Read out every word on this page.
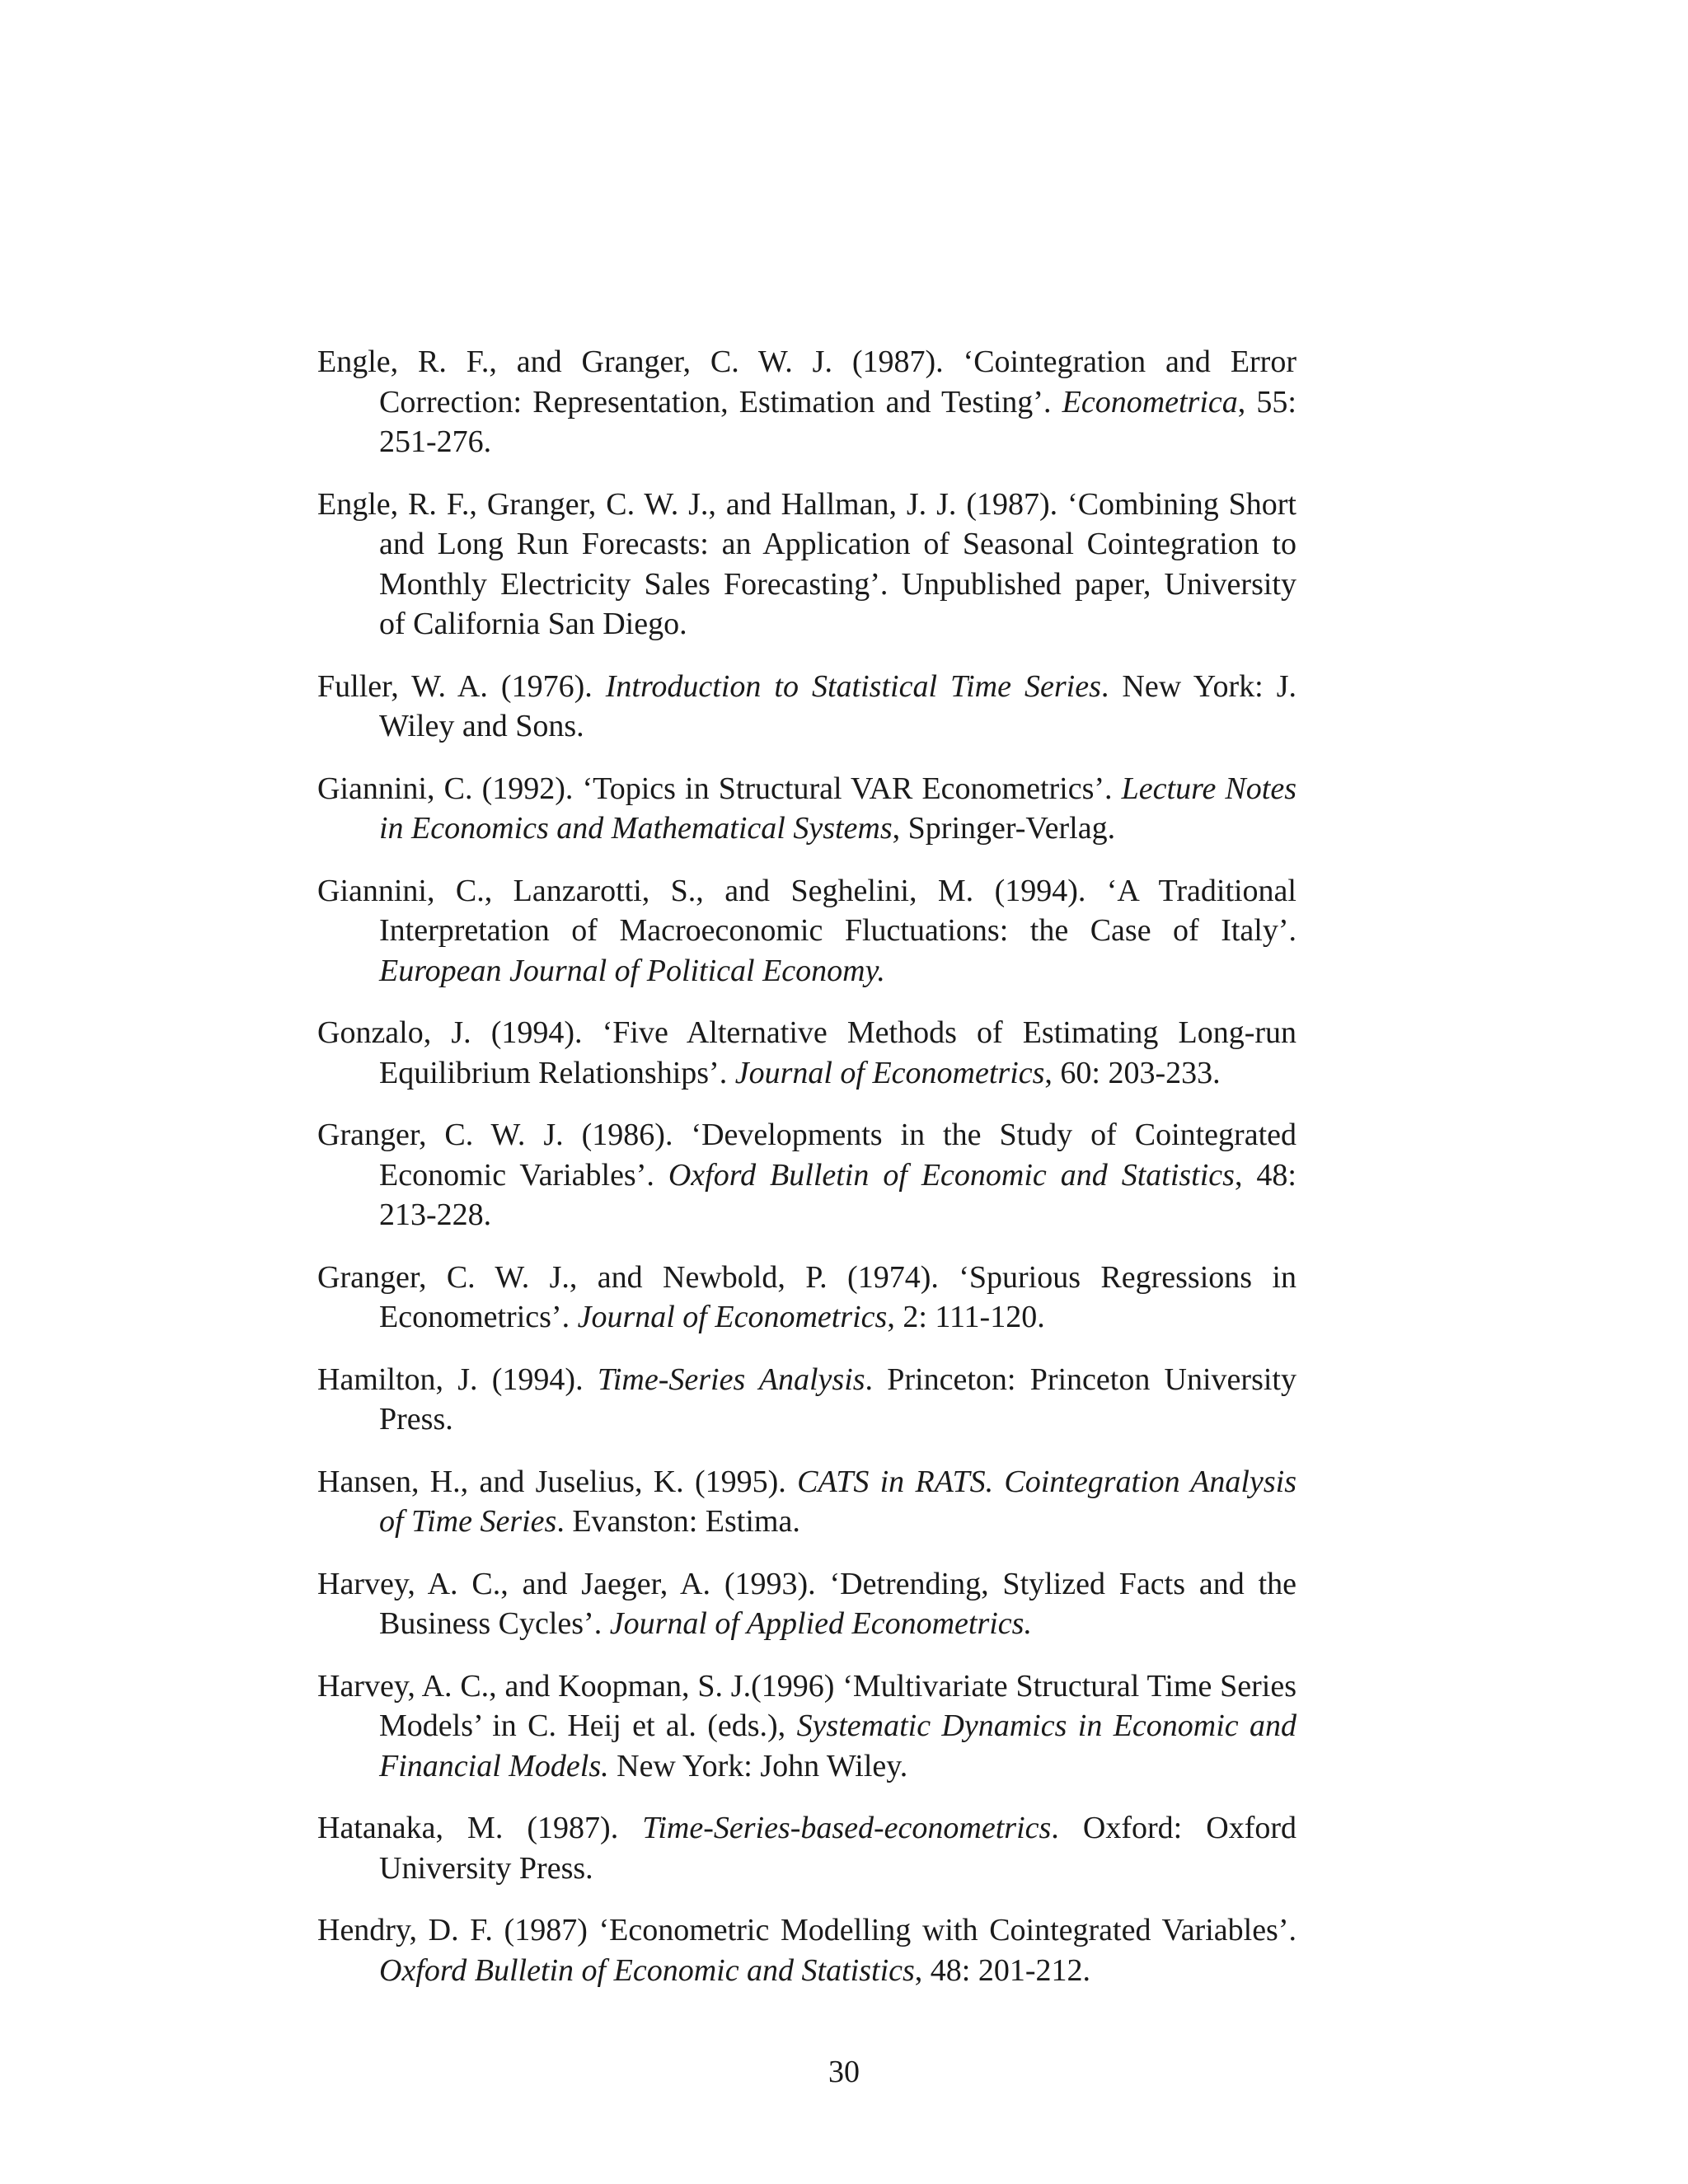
Engle, R. F., and Granger, C. W. J. (1987). ‘Cointegration and Error Correction: Representation, Estimation and Testing’. Econometrica, 55: 251-276.
Engle, R. F., Granger, C. W. J., and Hallman, J. J. (1987). ‘Combining Short and Long Run Forecasts: an Application of Seasonal Cointegration to Monthly Electricity Sales Forecasting’. Unpublished paper, University of California San Diego.
Fuller, W. A. (1976). Introduction to Statistical Time Series. New York: J. Wiley and Sons.
Giannini, C. (1992). ‘Topics in Structural VAR Econometrics’. Lecture Notes in Economics and Mathematical Systems, Springer-Verlag.
Giannini, C., Lanzarotti, S., and Seghelini, M. (1994). ‘A Traditional Interpretation of Macroeconomic Fluctuations: the Case of Italy’. European Journal of Political Economy.
Gonzalo, J. (1994). ‘Five Alternative Methods of Estimating Long-run Equilibrium Relationships’. Journal of Econometrics, 60: 203-233.
Granger, C. W. J. (1986). ‘Developments in the Study of Cointegrated Economic Variables’. Oxford Bulletin of Economic and Statistics, 48: 213-228.
Granger, C. W. J., and Newbold, P. (1974). ‘Spurious Regressions in Econometrics’. Journal of Econometrics, 2: 111-120.
Hamilton, J. (1994). Time-Series Analysis. Princeton: Princeton University Press.
Hansen, H., and Juselius, K. (1995). CATS in RATS. Cointegration Analysis of Time Series. Evanston: Estima.
Harvey, A. C., and Jaeger, A. (1993). ‘Detrending, Stylized Facts and the Business Cycles’. Journal of Applied Econometrics.
Harvey, A. C., and Koopman, S. J.(1996) ‘Multivariate Structural Time Series Models’ in C. Heij et al. (eds.), Systematic Dynamics in Economic and Financial Models. New York: John Wiley.
Hatanaka, M. (1987). Time-Series-based-econometrics. Oxford: Oxford University Press.
Hendry, D. F. (1987) ‘Econometric Modelling with Cointegrated Variables’. Oxford Bulletin of Economic and Statistics, 48: 201-212.
30
